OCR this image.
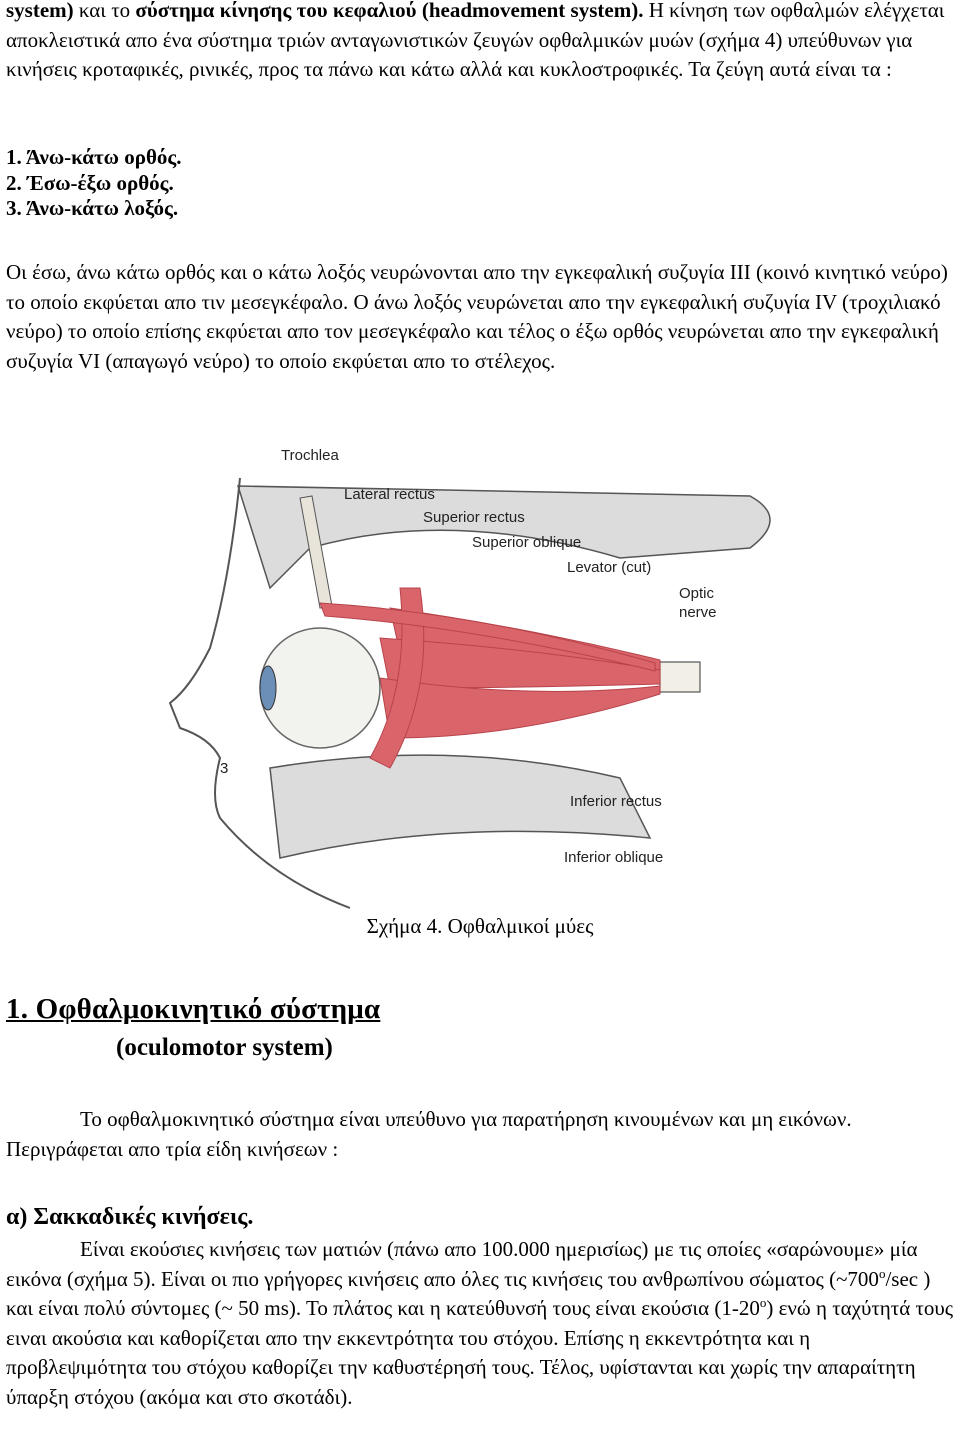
system) και το σύστημα κίνησης του κεφαλιού (headmovement system). Η κίνηση των οφθαλμών ελέγχεται αποκλειστικά απο ένα σύστημα τριών ανταγωνιστικών ζευγών οφθαλμικών μυών (σχήμα 4) υπεύθυνων για κινήσεις κροταφικές, ρινικές, προς τα πάνω και κάτω αλλά και κυκλοστροφικές. Τα ζεύγη αυτά είναι τα :

1. Άνω-κάτω ορθός.
2. Έσω-έξω ορθός.
3. Άνω-κάτω λοξός.

Οι έσω, άνω κάτω ορθός και ο κάτω λοξός νευρώνονται απο την εγκεφαλική συζυγία ΙΙΙ (κοινό κινητικό νεύρο) το οποίο εκφύεται απο τιν μεσεγκέφαλο. Ο άνω λοξός νευρώνεται απο την εγκεφαλική συζυγία ΙV (τροχιλιακό νεύρο) το οποίο επίσης εκφύεται απο τον μεσεγκέφαλο και τέλος ο έξω ορθός νευρώνεται απο την εγκεφαλική συζυγία VI (απαγωγό νεύρο) το οποίο εκφύεται απο το στέλεχος.

Trochlea
Lateral rectus
Superior rectus
Superior oblique
Levator (cut)
Optic
nerve
Inferior rectus
Inferior oblique
3
Σχήμα 4. Οφθαλμικοί μύες
1. Οφθαλμοκινητικό σύστημα
(oculomotor system)

Το οφθαλμοκινητικό σύστημα είναι υπεύθυνο για παρατήρηση κινουμένων και μη εικόνων. Περιγράφεται απο τρία είδη κινήσεων :

α) Σακκαδικές κινήσεις.

Είναι εκούσιες κινήσεις των ματιών (πάνω απο 100.000 ημερισίως) με τις οποίες «σαρώνουμε» μία εικόνα (σχήμα 5). Είναι οι πιο γρήγορες κινήσεις απο όλες τις κινήσεις του ανθρωπίνου σώματος (~700$^o$/sec ) και είναι πολύ σύντομες (~ 50 ms). Το πλάτος και η κατεύθυνσή τους είναι εκούσια (1-20$^o$) ενώ η ταχύτητά τους ειναι ακούσια και καθορίζεται απο την εκκεντρότητα του στόχου. Επίσης η εκκεντρότητα και η προβλεψιμότητα του στόχου καθορίζει την καθυστέρησή τους. Τέλος, υφίστανται και χωρίς την απαραίτητη ύπαρξη στόχου (ακόμα και στο σκοτάδι).
